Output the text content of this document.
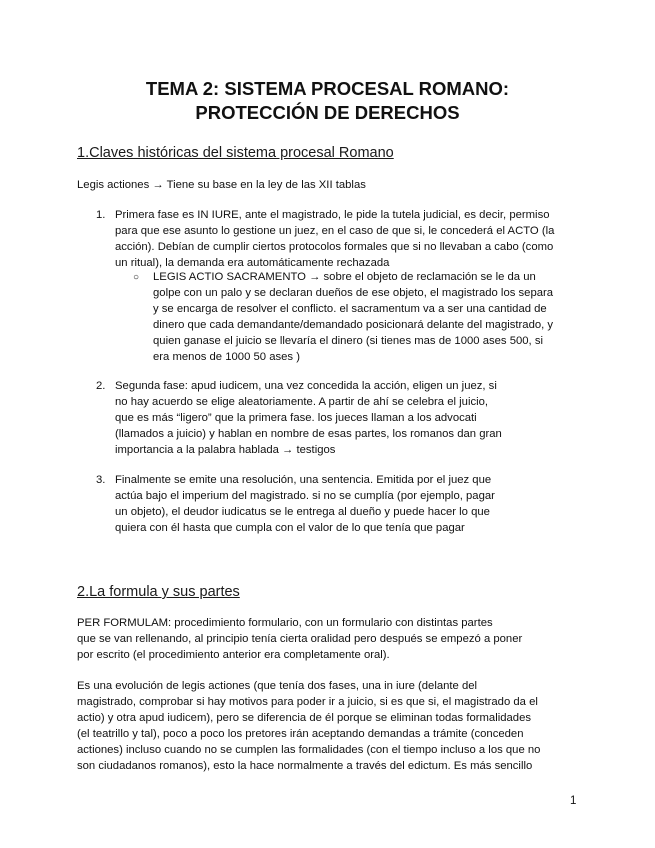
TEMA 2: SISTEMA PROCESAL ROMANO:
PROTECCIÓN DE DERECHOS
1.Claves históricas del sistema procesal Romano
Legis actiones → Tiene su base en la ley de las XII tablas
1. Primera fase es IN IURE, ante el magistrado, le pide la tutela judicial, es decir, permiso
para que ese asunto lo gestione un juez, en el caso de que si, le concederá el ACTO (la
acción). Debían de cumplir ciertos protocolos formales que si no llevaban a cabo (como
un ritual), la demanda era automáticamente rechazada
○ LEGIS ACTIO SACRAMENTO → sobre el objeto de reclamación se le da un
golpe con un palo y se declaran dueños de ese objeto, el magistrado los separa
y se encarga de resolver el conflicto. el sacramentum va a ser una cantidad de
dinero que cada demandante/demandado posicionará delante del magistrado, y
quien ganase el juicio se llevaría el dinero (si tienes mas de 1000 ases 500, si
era menos de 1000 50 ases )
2. Segunda fase: apud iudicem, una vez concedida la acción, eligen un juez, si
no hay acuerdo se elige aleatoriamente. A partir de ahí se celebra el juicio,
que es más “ligero” que la primera fase. los jueces llaman a los advocati
(llamados a juicio) y hablan en nombre de esas partes, los romanos dan gran
importancia a la palabra hablada → testigos
3. Finalmente se emite una resolución, una sentencia. Emitida por el juez que
actúa bajo el imperium del magistrado. si no se cumplía (por ejemplo, pagar
un objeto), el deudor iudicatus se le entrega al dueño y puede hacer lo que
quiera con él hasta que cumpla con el valor de lo que tenía que pagar
2.La formula y sus partes
PER FORMULAM: procedimiento formulario, con un formulario con distintas partes
que se van rellenando, al principio tenía cierta oralidad pero después se empezó a poner
por escrito (el procedimiento anterior era completamente oral).
Es una evolución de legis actiones (que tenía dos fases, una in iure (delante del
magistrado, comprobar si hay motivos para poder ir a juicio, si es que si, el magistrado da el
actio) y otra apud iudicem), pero se diferencia de él porque se eliminan todas formalidades
(el teatrillo y tal), poco a poco los pretores irán aceptando demandas a trámite (conceden
actiones) incluso cuando no se cumplen las formalidades (con el tiempo incluso a los que no
son ciudadanos romanos), esto la hace normalmente a través del edictum. Es más sencillo
1
